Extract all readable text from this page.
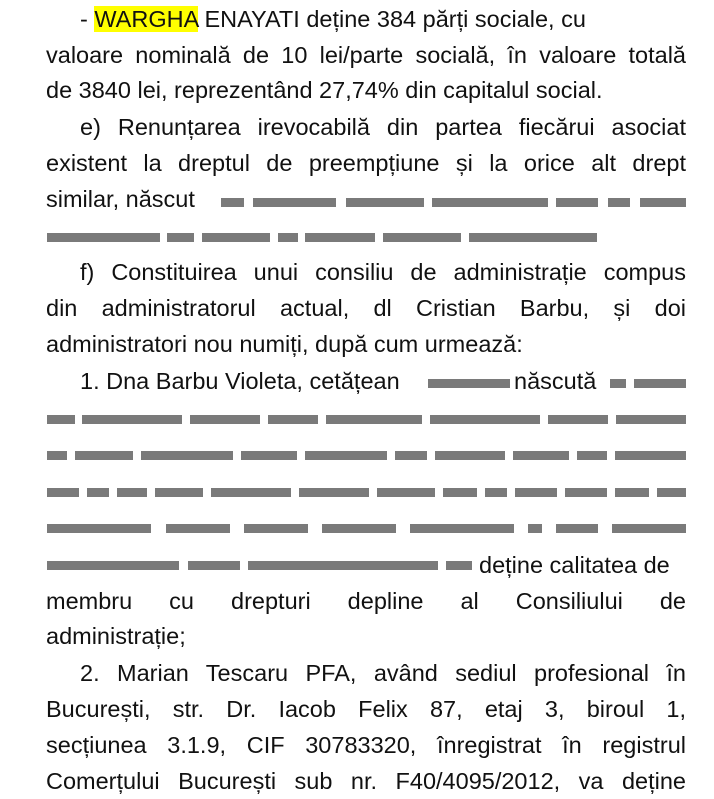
- WARGHA ENAYATI deține 384 părți sociale, cu
valoare nominală de 10 lei/parte socială, în valoare totală
de 3840 lei, reprezentând 27,74% din capitalul social.
e) Renunțarea irevocabilă din partea fiecărui asociat
existent la dreptul de preempțiune și la orice alt drept
similar, născut
f) Constituirea unui consiliu de administrație compus
din administratorul actual, dl Cristian Barbu, și doi
administratori nou numiți, după cum urmează:
1. Dna Barbu Violeta, cetățean	născută
deține calitatea de
membru cu drepturi depline al Consiliului de
administrație;
2. Marian Tescaru PFA, având sediul profesional în
București, str. Dr. Iacob Felix 87, etaj 3, biroul 1,
secțiunea 3.1.9, CIF 30783320, înregistrat în registrul
Comerțului București sub nr. F40/4095/2012, va deține
